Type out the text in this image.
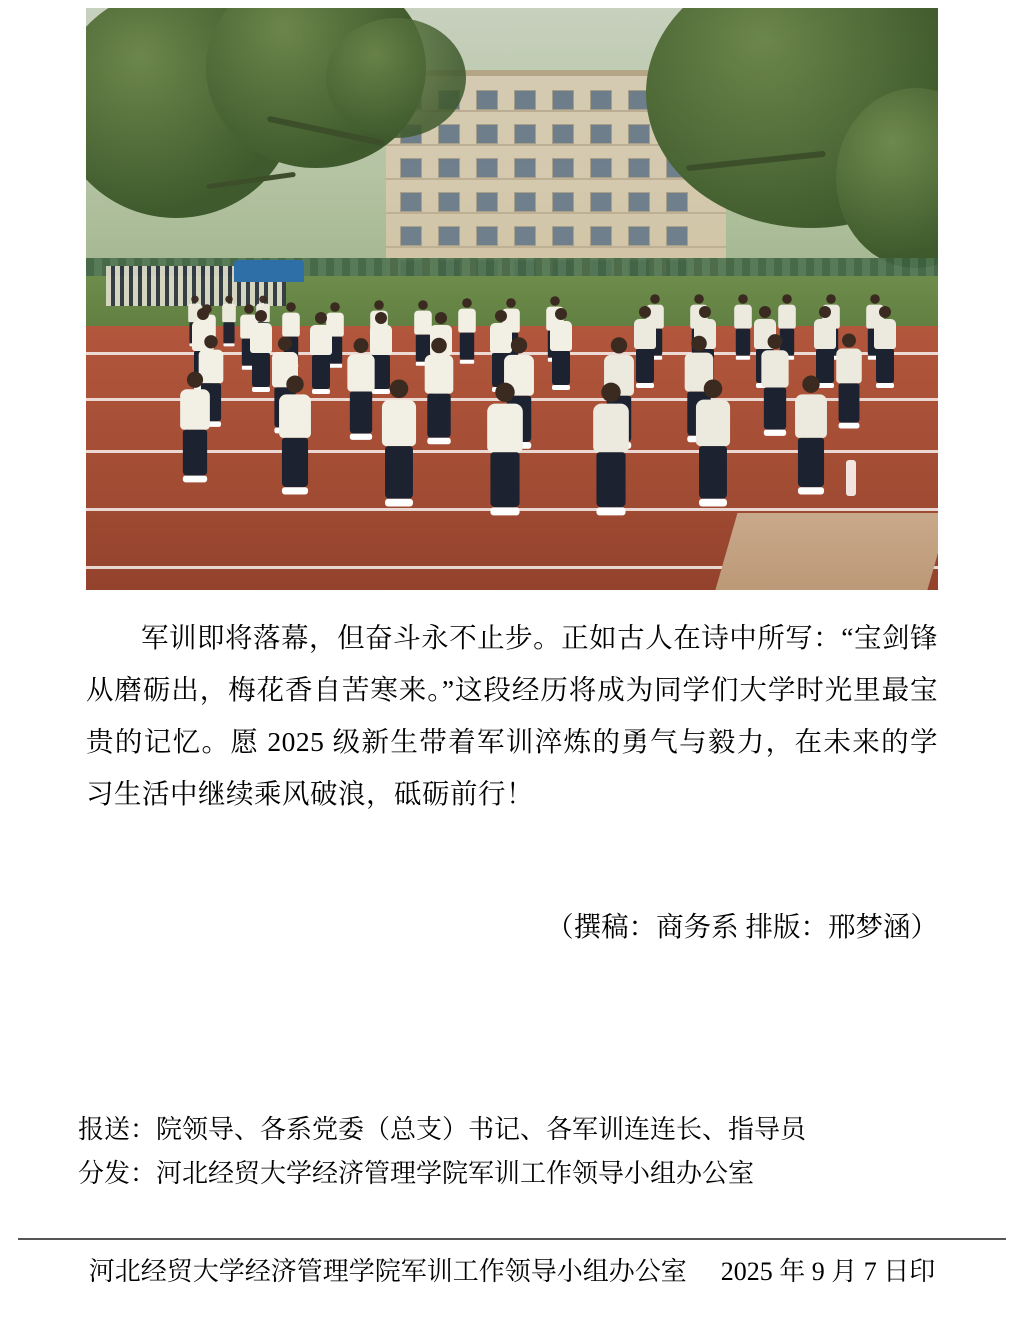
军训即将落幕，但奋斗永不止步。正如古人在诗中所写：“宝剑锋从磨砺出，梅花香自苦寒来。”这段经历将成为同学们大学时光里最宝贵的记忆。愿 2025 级新生带着军训淬炼的勇气与毅力，在未来的学习生活中继续乘风破浪，砥砺前行！

（撰稿：商务系 排版：邢梦涵）
报送：院领导、各系党委（总支）书记、各军训连连长、指导员
分发：河北经贸大学经济管理学院军训工作领导小组办公室
河北经贸大学经济管理学院军训工作领导小组办公室 2025 年 9 月 7 日印
